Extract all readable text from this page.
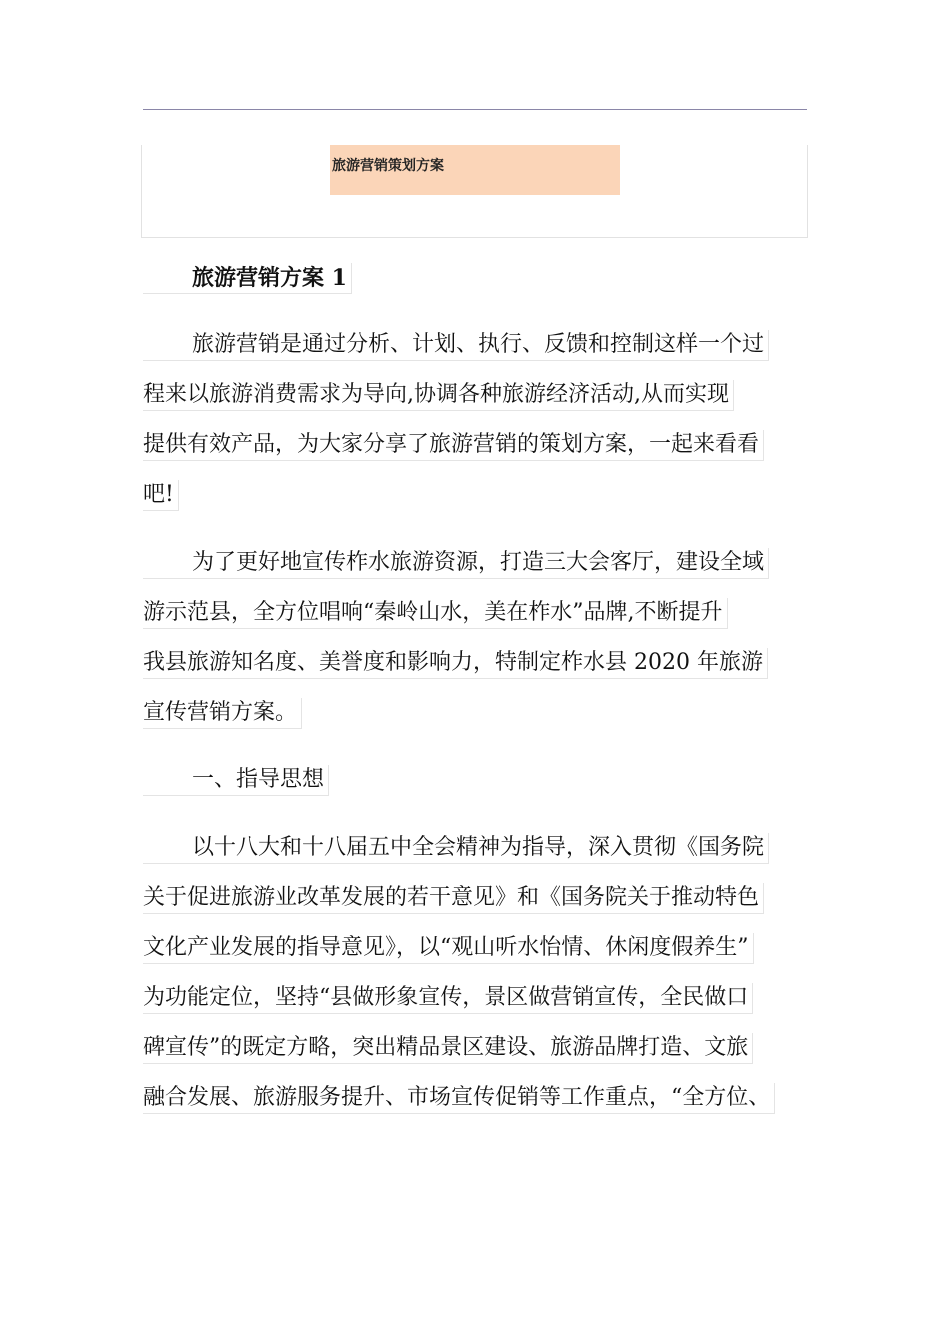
旅游营销策划方案
旅游营销方案 1
旅游营销是通过分析、计划、执行、反馈和控制这样一个过
程来以旅游消费需求为导向,协调各种旅游经济活动,从而实现
提供有效产品，为大家分享了旅游营销的策划方案，一起来看看
吧!
为了更好地宣传柞水旅游资源，打造三大会客厅，建设全域
游示范县，全方位唱响“秦岭山水，美在柞水”品牌,不断提升
我县旅游知名度、美誉度和影响力，特制定柞水县 2020 年旅游
宣传营销方案。
一、指导思想
以十八大和十八届五中全会精神为指导，深入贯彻《国务院
关于促进旅游业改革发展的若干意见》和《国务院关于推动特色
文化产业发展的指导意见》，以“观山听水怡情、休闲度假养生”
为功能定位，坚持“县做形象宣传，景区做营销宣传，全民做口
碑宣传”的既定方略，突出精品景区建设、旅游品牌打造、文旅
融合发展、旅游服务提升、市场宣传促销等工作重点，“全方位、
